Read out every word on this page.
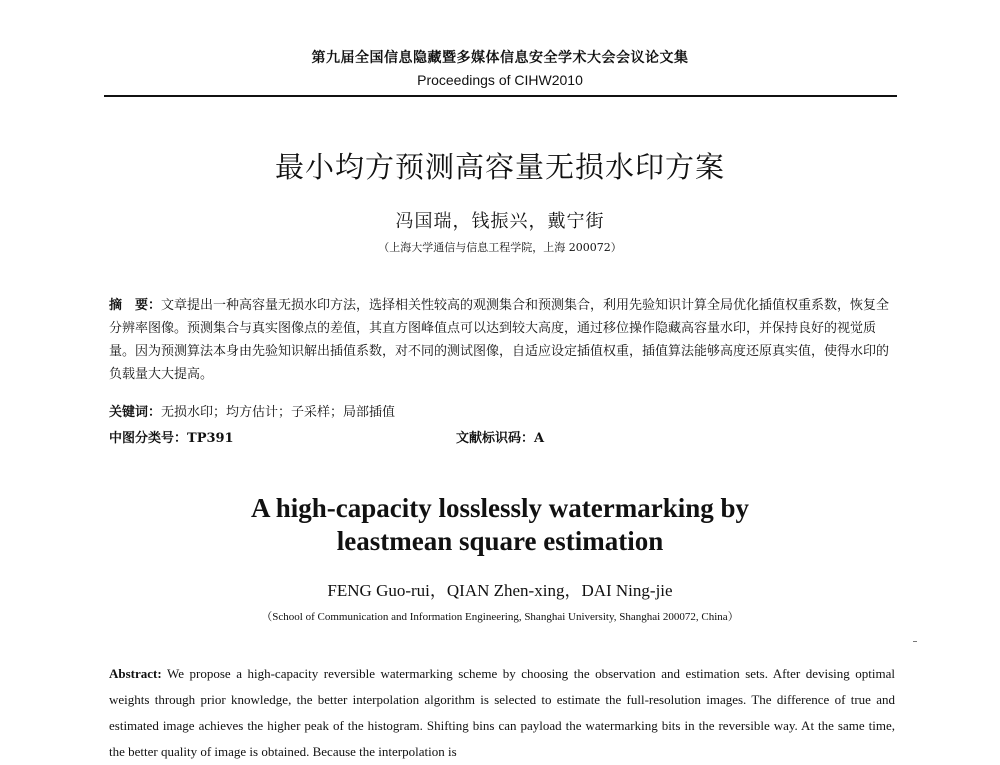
第九届全国信息隐藏暨多媒体信息安全学术大会会议论文集
Proceedings of CIHW2010
最小均方预测高容量无损水印方案
冯国瑞，钱振兴，戴宁街
（上海大学通信与信息工程学院，上海 200072）
摘　要：文章提出一种高容量无损水印方法，选择相关性较高的观测集合和预测集合，利用先验知识计算全局优化插值权重系数，恢复全分辨率图像。预测集合与真实图像点的差值，其直方图峰值点可以达到较大高度，通过移位操作隐藏高容量水印，并保持良好的视觉质量。因为预测算法本身由先验知识解出插值系数，对不同的测试图像，自适应设定插值权重，插值算法能够高度还原真实值，使得水印的负载量大大提高。
关键词：无损水印；均方估计；子采样；局部插值
中图分类号：TP391	文献标识码：A
A high-capacity losslessly watermarking by
leastmean square estimation
FENG Guo-rui，QIAN Zhen-xing，DAI Ning-jie
（School of Communication and Information Engineering, Shanghai University, Shanghai 200072, China）
Abstract: We propose a high-capacity reversible watermarking scheme by choosing the observation and estimation sets. After devising optimal weights through prior knowledge, the better interpolation algorithm is selected to estimate the full-resolution images. The difference of true and estimated image achieves the higher peak of the histogram. Shifting bins can payload the watermarking bits in the reversible way. At the same time, the better quality of image is obtained. Because the interpolation is
